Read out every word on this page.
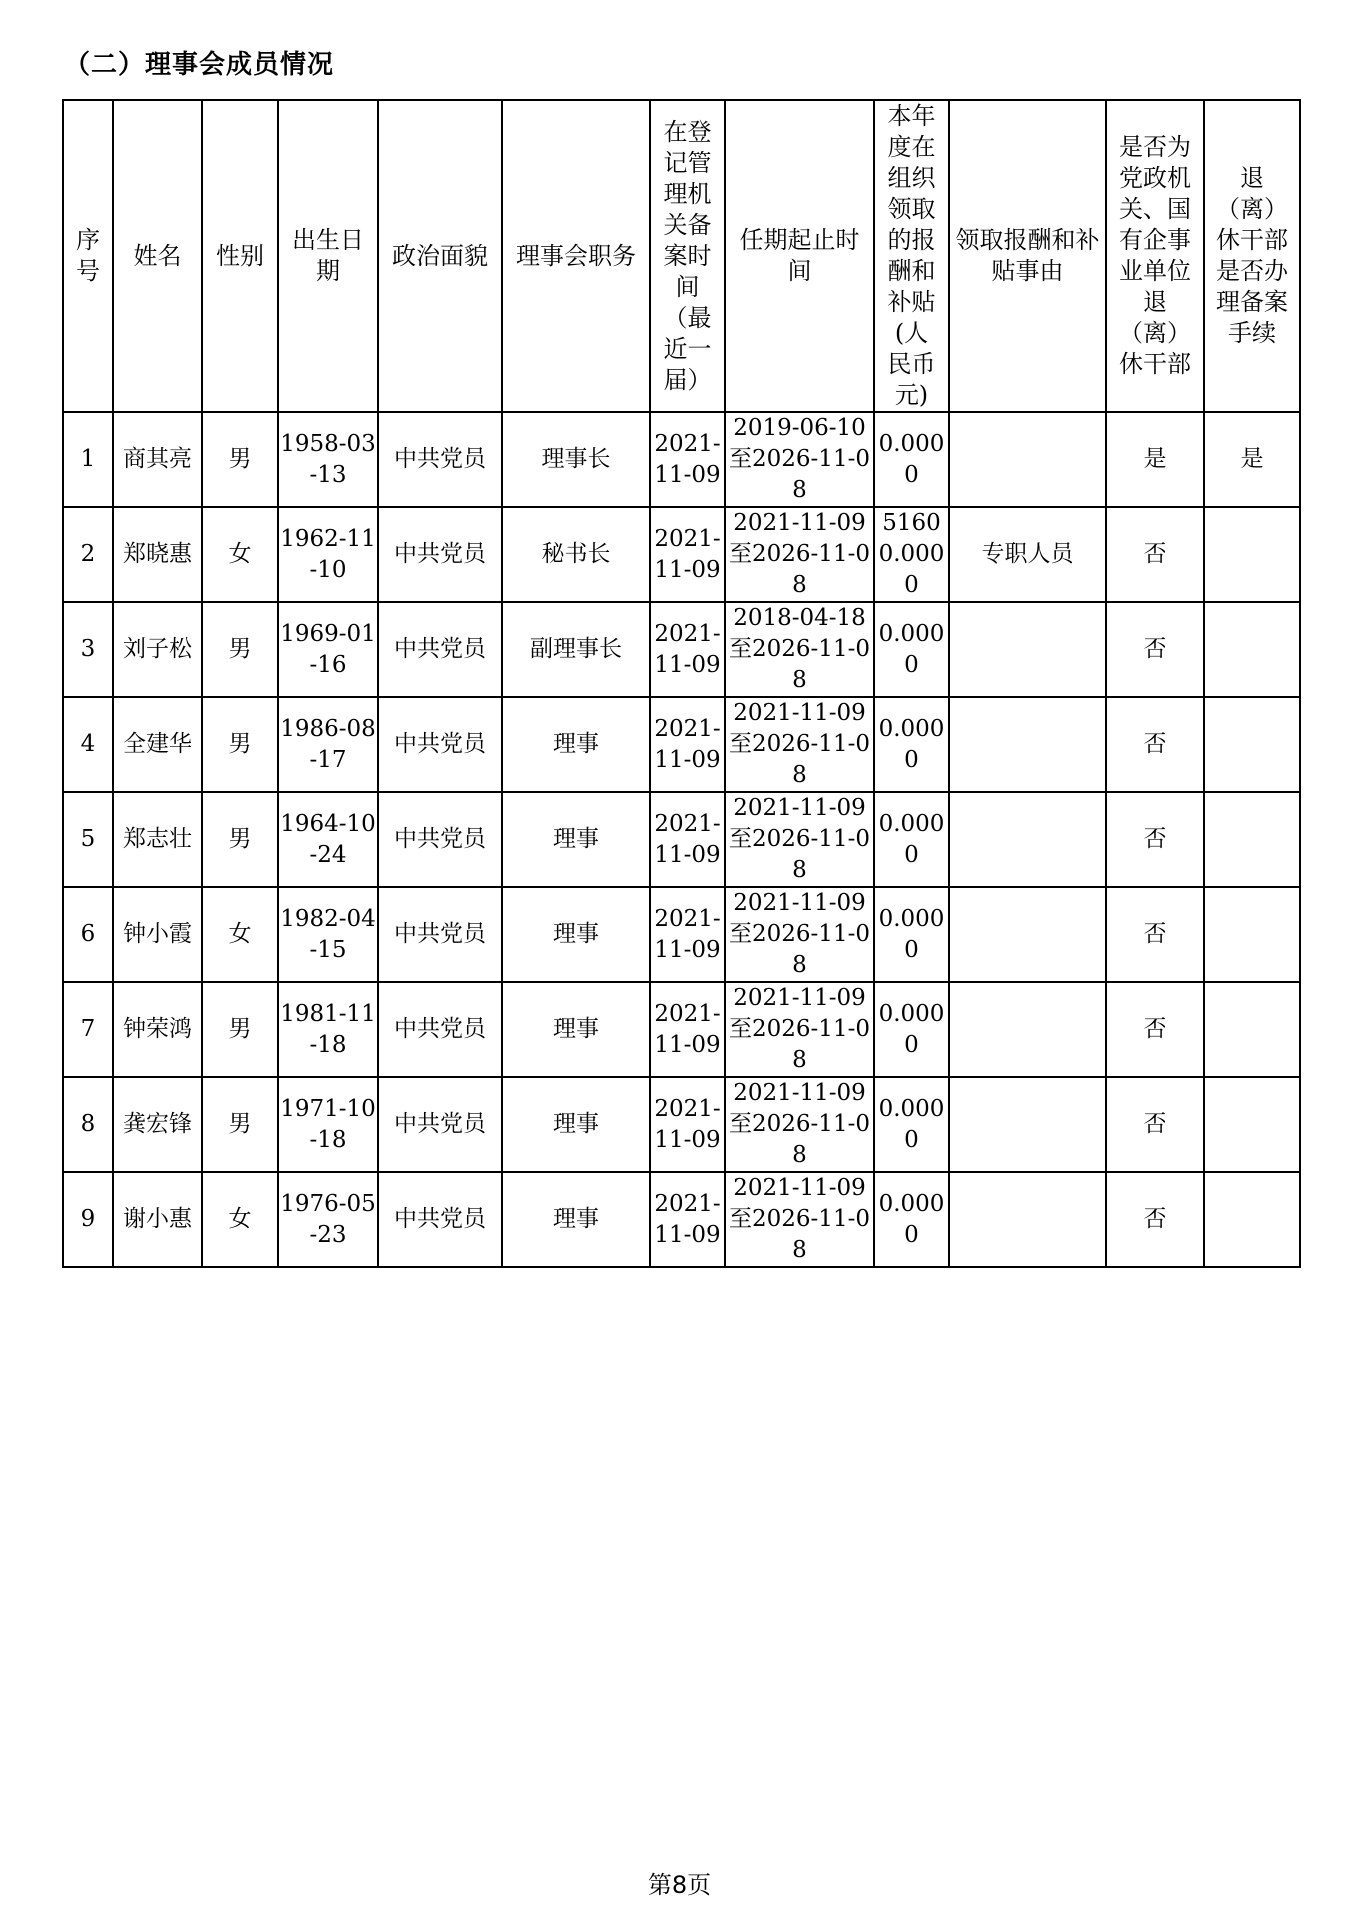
（二）理事会成员情况
序号	姓名	性别	出生日期	政治面貌	理事会职务	在登记管理机关备案时间（最近一届）	任期起止时间	本年度在组织领取的报酬和补贴(人民币元)	领取报酬和补贴事由	是否为党政机关、国有企事业单位退（离）休干部	退（离）休干部是否办理备案手续
1	商其亮	男	1958-03-13	中共党员	理事长	2021-11-09	2019-06-10至2026-11-08	0.0000		是	是
2	郑晓惠	女	1962-11-10	中共党员	秘书长	2021-11-09	2021-11-09至2026-11-08	51600.0000	专职人员	否	
3	刘子松	男	1969-01-16	中共党员	副理事长	2021-11-09	2018-04-18至2026-11-08	0.0000		否	
4	全建华	男	1986-08-17	中共党员	理事	2021-11-09	2021-11-09至2026-11-08	0.0000		否	
5	郑志壮	男	1964-10-24	中共党员	理事	2021-11-09	2021-11-09至2026-11-08	0.0000		否	
6	钟小霞	女	1982-04-15	中共党员	理事	2021-11-09	2021-11-09至2026-11-08	0.0000		否	
7	钟荣鸿	男	1981-11-18	中共党员	理事	2021-11-09	2021-11-09至2026-11-08	0.0000		否	
8	龚宏锋	男	1971-10-18	中共党员	理事	2021-11-09	2021-11-09至2026-11-08	0.0000		否	
9	谢小惠	女	1976-05-23	中共党员	理事	2021-11-09	2021-11-09至2026-11-08	0.0000		否	
第8页
